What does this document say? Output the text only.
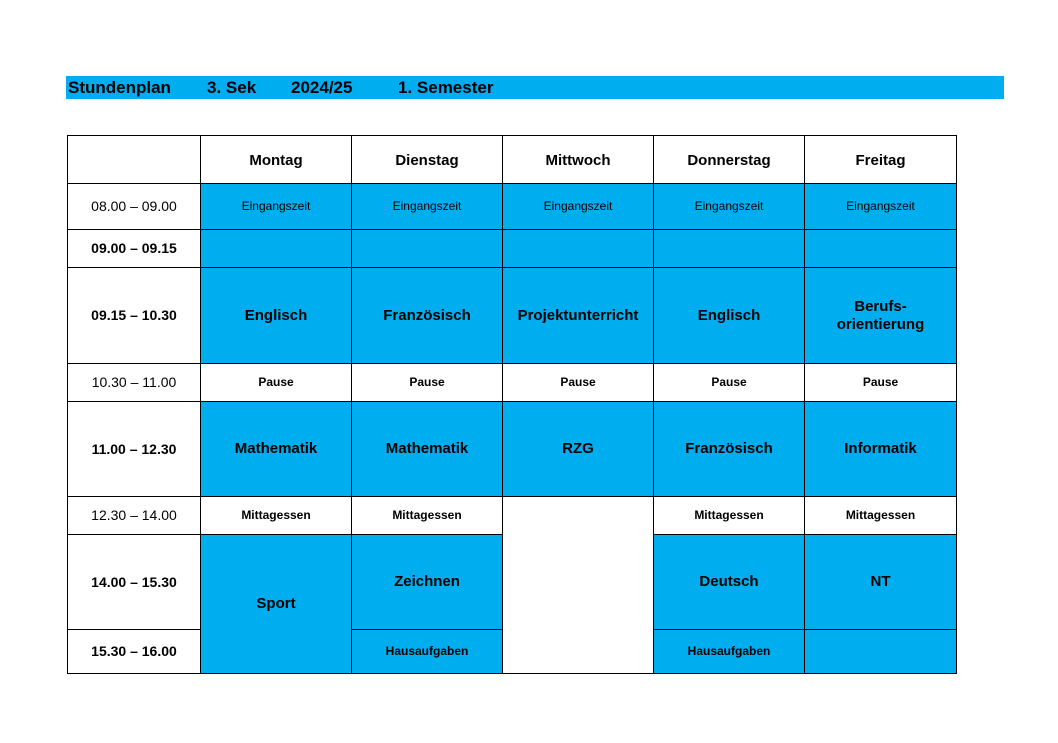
Stundenplan 3. Sek 2024/25	1. Semester
	Montag	Dienstag	Mittwoch	Donnerstag	Freitag
08.00 – 09.00	Eingangszeit	Eingangszeit	Eingangszeit	Eingangszeit	Eingangszeit
09.00 – 09.15					
09.15 – 10.30	Englisch	Französisch	Projektunterricht	Englisch	Berufs-
orientierung
10.30 – 11.00	Pause	Pause	Pause	Pause	Pause
11.00 – 12.30	Mathematik	Mathematik	RZG	Französisch	Informatik
12.30 – 14.00	Mittagessen	Mittagessen		Mittagessen	Mittagessen
14.00 – 15.30	Sport	Zeichnen		Deutsch	NT
15.30 – 16.00		Hausaufgaben		Hausaufgaben	
